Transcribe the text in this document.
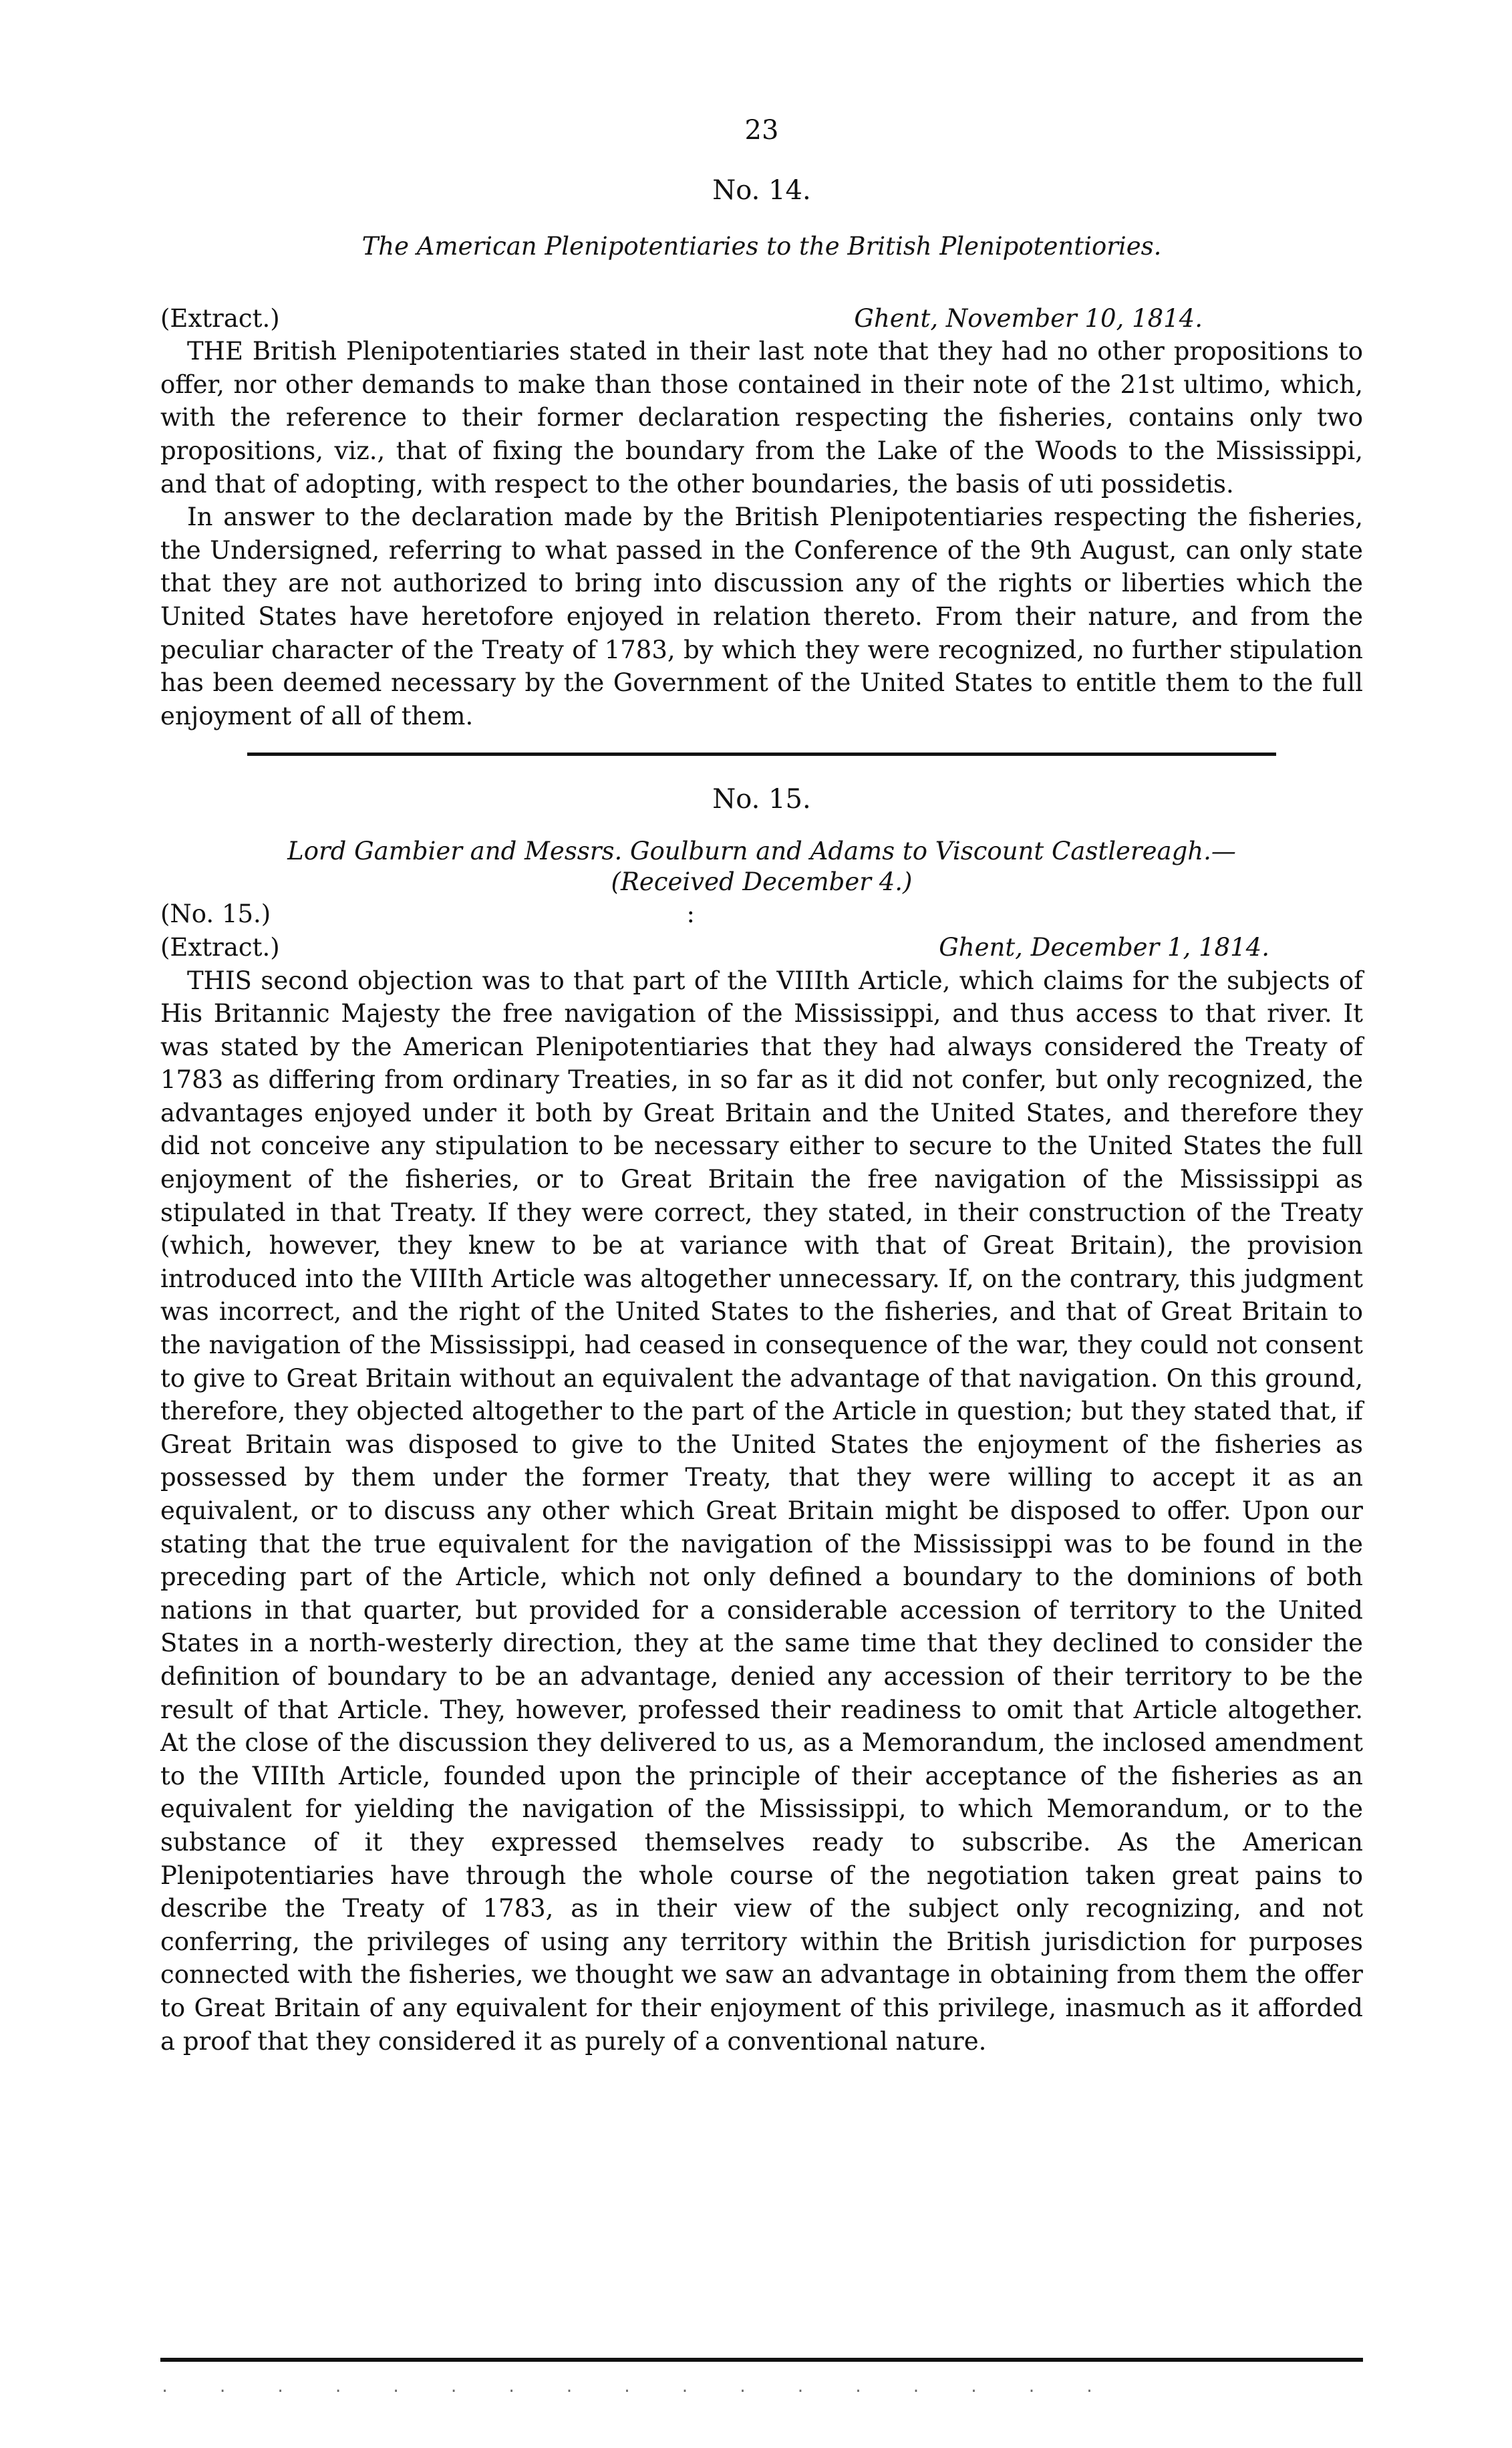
23
No. 14.
The American Plenipotentiaries to the British Plenipotentiories.
(Extract.)	Ghent, November 10, 1814.

THE British Plenipotentiaries stated in their last note that they had no other propositions to offer, nor other demands to make than those contained in their note of the 21st ultimo, which, with the reference to their former declaration respecting the fisheries, contains only two propositions, viz., that of fixing the boundary from the Lake of the Woods to the Mississippi, and that of adopting, with respect to the other boundaries, the basis of uti possidetis.

In answer to the declaration made by the British Plenipotentiaries respecting the fisheries, the Undersigned, referring to what passed in the Conference of the 9th August, can only state that they are not authorized to bring into discussion any of the rights or liberties which the United States have heretofore enjoyed in relation thereto. From their nature, and from the peculiar character of the Treaty of 1783, by which they were recognized, no further stipulation has been deemed necessary by the Government of the United States to entitle them to the full enjoyment of all of them.

No. 15.
Lord Gambier and Messrs. Goulburn and Adams to Viscount Castlereagh.—
(Received December 4.)
(No. 15.)	:
(Extract.)	Ghent, December 1, 1814.

THIS second objection was to that part of the VIIIth Article, which claims for the subjects of His Britannic Majesty the free navigation of the Mississippi, and thus access to that river. It was stated by the American Plenipotentiaries that they had always considered the Treaty of 1783 as differing from ordinary Treaties, in so far as it did not confer, but only recognized, the advantages enjoyed under it both by Great Britain and the United States, and therefore they did not conceive any stipulation to be necessary either to secure to the United States the full enjoyment of the fisheries, or to Great Britain the free navigation of the Mississippi as stipulated in that Treaty. If they were correct, they stated, in their construction of the Treaty (which, however, they knew to be at variance with that of Great Britain), the provision introduced into the VIIIth Article was altogether unnecessary. If, on the contrary, this judgment was incorrect, and the right of the United States to the fisheries, and that of Great Britain to the navigation of the Mississippi, had ceased in consequence of the war, they could not consent to give to Great Britain without an equivalent the advantage of that navigation. On this ground, therefore, they objected altogether to the part of the Article in question; but they stated that, if Great Britain was disposed to give to the United States the enjoyment of the fisheries as possessed by them under the former Treaty, that they were willing to accept it as an equivalent, or to discuss any other which Great Britain might be disposed to offer. Upon our stating that the true equivalent for the navigation of the Mississippi was to be found in the preceding part of the Article, which not only defined a boundary to the dominions of both nations in that quarter, but provided for a considerable accession of territory to the United States in a north-westerly direction, they at the same time that they declined to consider the definition of boundary to be an advantage, denied any accession of their territory to be the result of that Article. They, however, professed their readiness to omit that Article altogether. At the close of the discussion they delivered to us, as a Memorandum, the inclosed amendment to the VIIIth Article, founded upon the principle of their acceptance of the fisheries as an equivalent for yielding the navigation of the Mississippi, to which Memorandum, or to the substance of it they expressed themselves ready to subscribe. As the American Plenipotentiaries have through the whole course of the negotiation taken great pains to describe the Treaty of 1783, as in their view of the subject only recognizing, and not conferring, the privileges of using any territory within the British jurisdiction for purposes connected with the fisheries, we thought we saw an advantage in obtaining from them the offer to Great Britain of any equivalent for their enjoyment of this privilege, inasmuch as it afforded a proof that they considered it as purely of a conventional nature.

. . . . . . . . . . . . . . . . .
